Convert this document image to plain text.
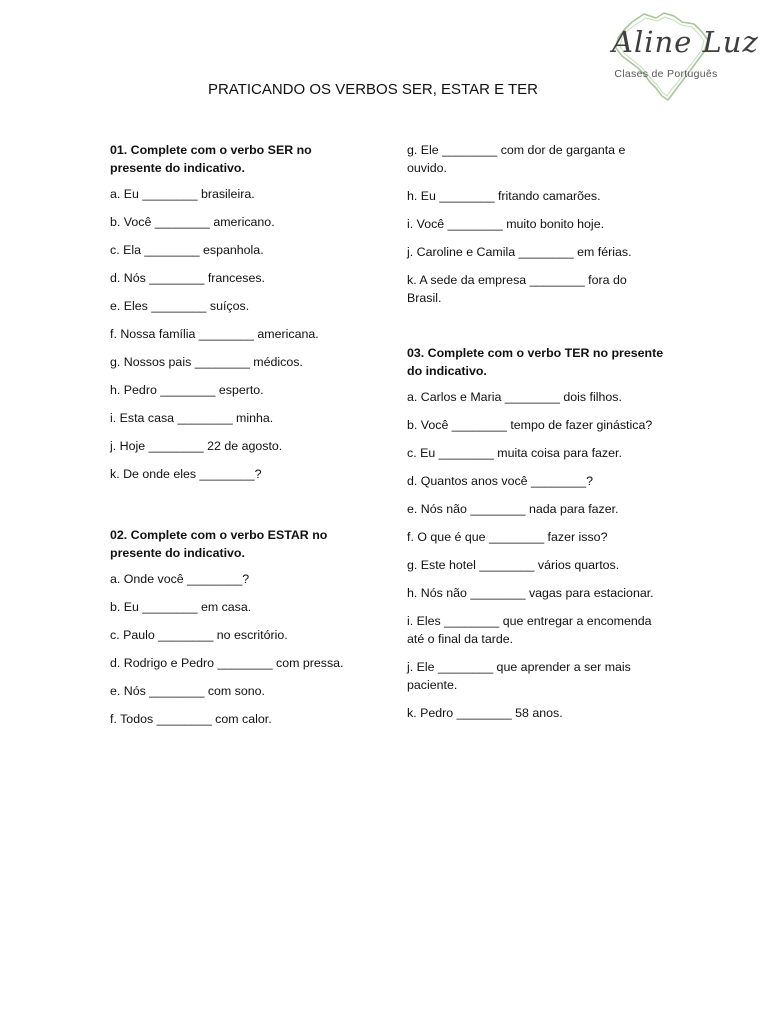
Aline Luz
Clases de Português
PRATICANDO OS VERBOS SER, ESTAR E TER
01. Complete com o verbo SER no presente do indicativo.
a. Eu ________ brasileira.
b. Você ________ americano.
c. Ela ________ espanhola.
d. Nós ________ franceses.
e. Eles ________ suíços.
f. Nossa família ________ americana.
g. Nossos pais ________ médicos.
h. Pedro ________ esperto.
i. Esta casa ________ minha.
j. Hoje ________ 22 de agosto.
k. De onde eles ________?
02. Complete com o verbo ESTAR no presente do indicativo.
a. Onde você ________?
b. Eu ________ em casa.
c. Paulo ________ no escritório.
d. Rodrigo e Pedro ________ com pressa.
e. Nós ________ com sono.
f. Todos ________ com calor.
g. Ele ________ com dor de garganta e ouvido.
h. Eu ________ fritando camarões.
i. Você ________ muito bonito hoje.
j. Caroline e Camila ________ em férias.
k. A sede da empresa ________ fora do Brasil.
03. Complete com o verbo TER no presente do indicativo.
a. Carlos e Maria ________ dois filhos.
b. Você ________ tempo de fazer ginástica?
c. Eu ________ muita coisa para fazer.
d. Quantos anos você ________?
e. Nós não ________ nada para fazer.
f. O que é que ________ fazer isso?
g. Este hotel ________ vários quartos.
h. Nós não ________ vagas para estacionar.
i. Eles ________ que entregar a encomenda até o final da tarde.
j. Ele ________ que aprender a ser mais paciente.
k. Pedro ________ 58 anos.
